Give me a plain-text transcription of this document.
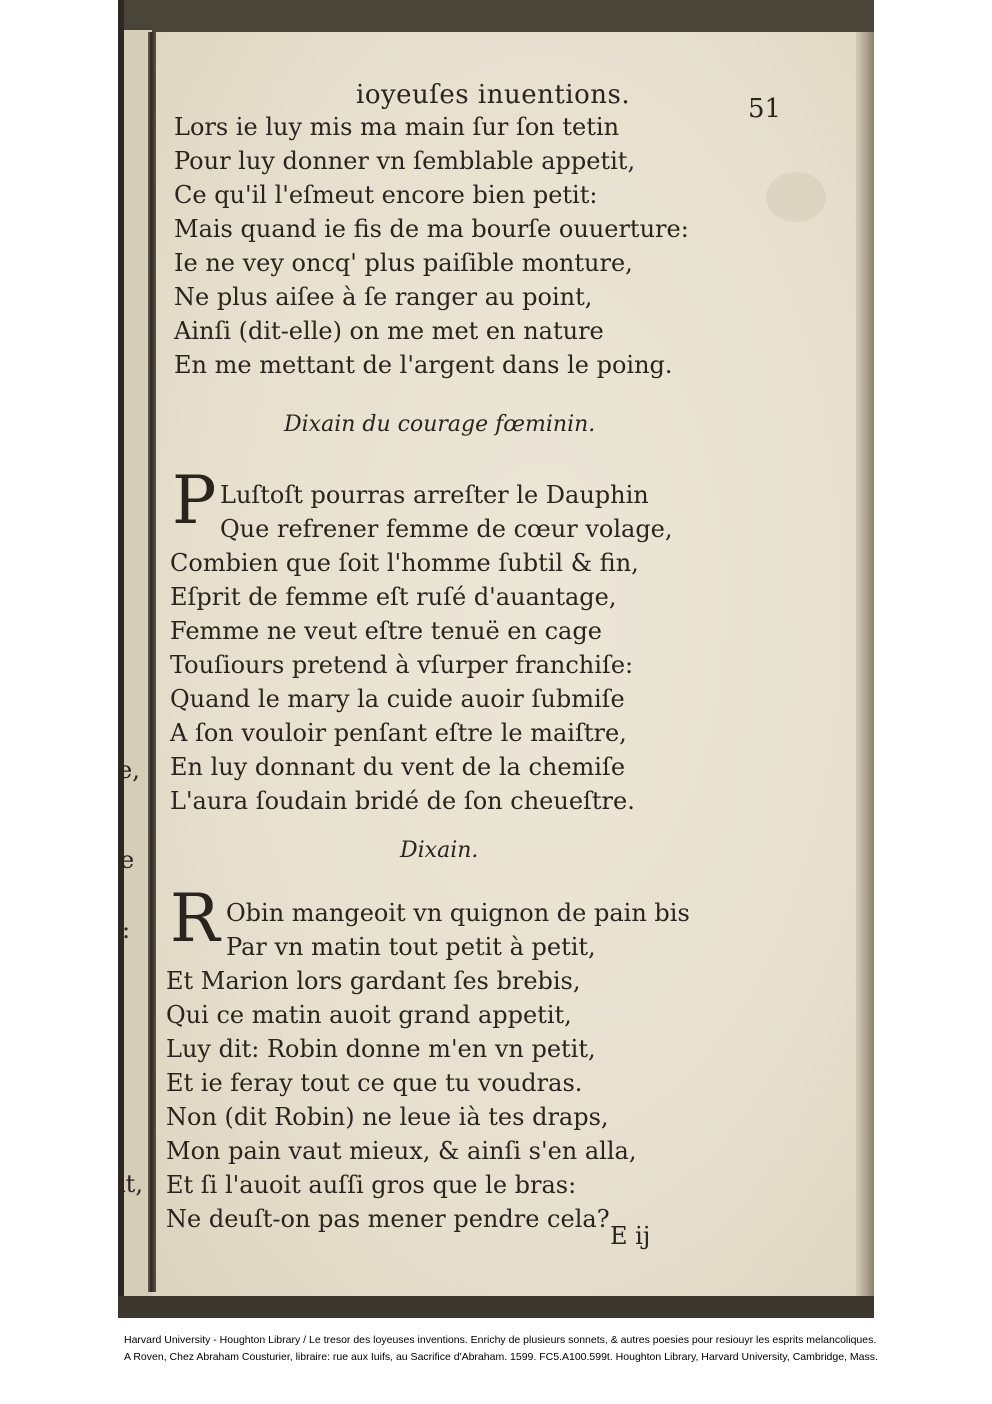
e,
e
:
it,
ioyeuſes inuentions.	51
Lors ie luy mis ma main ſur ſon tetin
Pour luy donner vn ſemblable appetit,
Ce qu'il l'eſmeut encore bien petit:
Mais quand ie fis de ma bourſe ouuerture:
Ie ne vey oncq' plus paiſible monture,
Ne plus aiſee à ſe ranger au point,
Ainſi (dit-elle) on me met en nature
En me mettant de l'argent dans le poing.
Dixain du courage fœminin.
P Luſtoſt pourras arreſter le Dauphin
Que refrener femme de cœur volage,
Combien que ſoit l'homme ſubtil & fin,
Eſprit de femme eſt ruſé d'auantage,
Femme ne veut eſtre tenuë en cage
Touſiours pretend à vſurper franchiſe:
Quand le mary la cuide auoir ſubmiſe
A ſon vouloir penſant eſtre le maiſtre,
En luy donnant du vent de la chemiſe
L'aura ſoudain bridé de ſon cheueſtre.
Dixain.
R Obin mangeoit vn quignon de pain bis
Par vn matin tout petit à petit,
Et Marion lors gardant ſes brebis,
Qui ce matin auoit grand appetit,
Luy dit: Robin donne m'en vn petit,
Et ie feray tout ce que tu voudras.
Non (dit Robin) ne leue ià tes draps,
Mon pain vaut mieux, & ainſi s'en alla,
Et ſi l'auoit auſſi gros que le bras:
Ne deuſt-on pas mener pendre cela?
E ij
Harvard University - Houghton Library / Le tresor des loyeuses inventions. Enrichy de plusieurs sonnets, & autres poesies pour resiouyr les esprits melancoliques.
A Roven, Chez Abraham Cousturier, libraire: rue aux Iuifs, au Sacrifice d'Abraham. 1599. FC5.A100.599t. Houghton Library, Harvard University, Cambridge, Mass.
